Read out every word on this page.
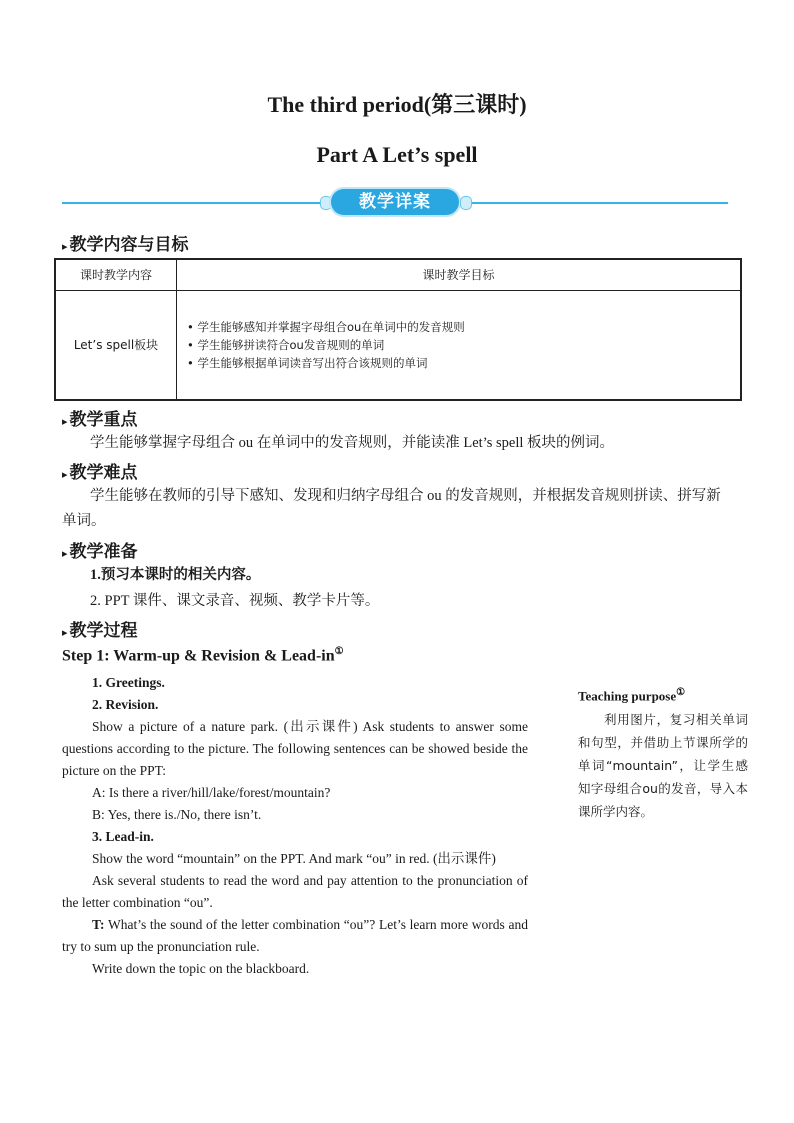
The third period(第三课时)
Part A Let’s spell
教学详案
▸ 教学内容与目标
课时教学内容	课时教学目标
Let’s spell板块	• 学生能够感知并掌握字母组合ou在单词中的发音规则
• 学生能够拼读符合ou发音规则的单词
• 学生能够根据单词读音写出符合该规则的单词
▸ 教学重点
学生能够掌握字母组合 ou 在单词中的发音规则，并能读准 Let’s spell 板块的例词。
▸ 教学难点
学生能够在教师的引导下感知、发现和归纳字母组合 ou 的发音规则，并根据发音规则拼读、拼写新单词。
▸ 教学准备
1.预习本课时的相关内容。
2. PPT 课件、课文录音、视频、教学卡片等。
▸ 教学过程
Step 1: Warm-up & Revision & Lead-in①
1. Greetings.
2. Revision.
Show a picture of a nature park. (出示课件) Ask students to answer some questions according to the picture. The following sentences can be showed beside the picture on the PPT:
A: Is there a river/hill/lake/forest/mountain?
B: Yes, there is./No, there isn’t.
3. Lead-in.
Show the word “mountain” on the PPT. And mark “ou” in red. (出示课件)
Ask several students to read the word and pay attention to the pronunciation of the letter combination “ou”.
T: What’s the sound of the letter combination “ou”? Let’s learn more words and try to sum up the pronunciation rule.
Write down the topic on the blackboard.
Teaching purpose①
利用图片，复习相关单词和句型，并借助上节课所学的单词“mountain”，让学生感知字母组合ou的发音，导入本课所学内容。
